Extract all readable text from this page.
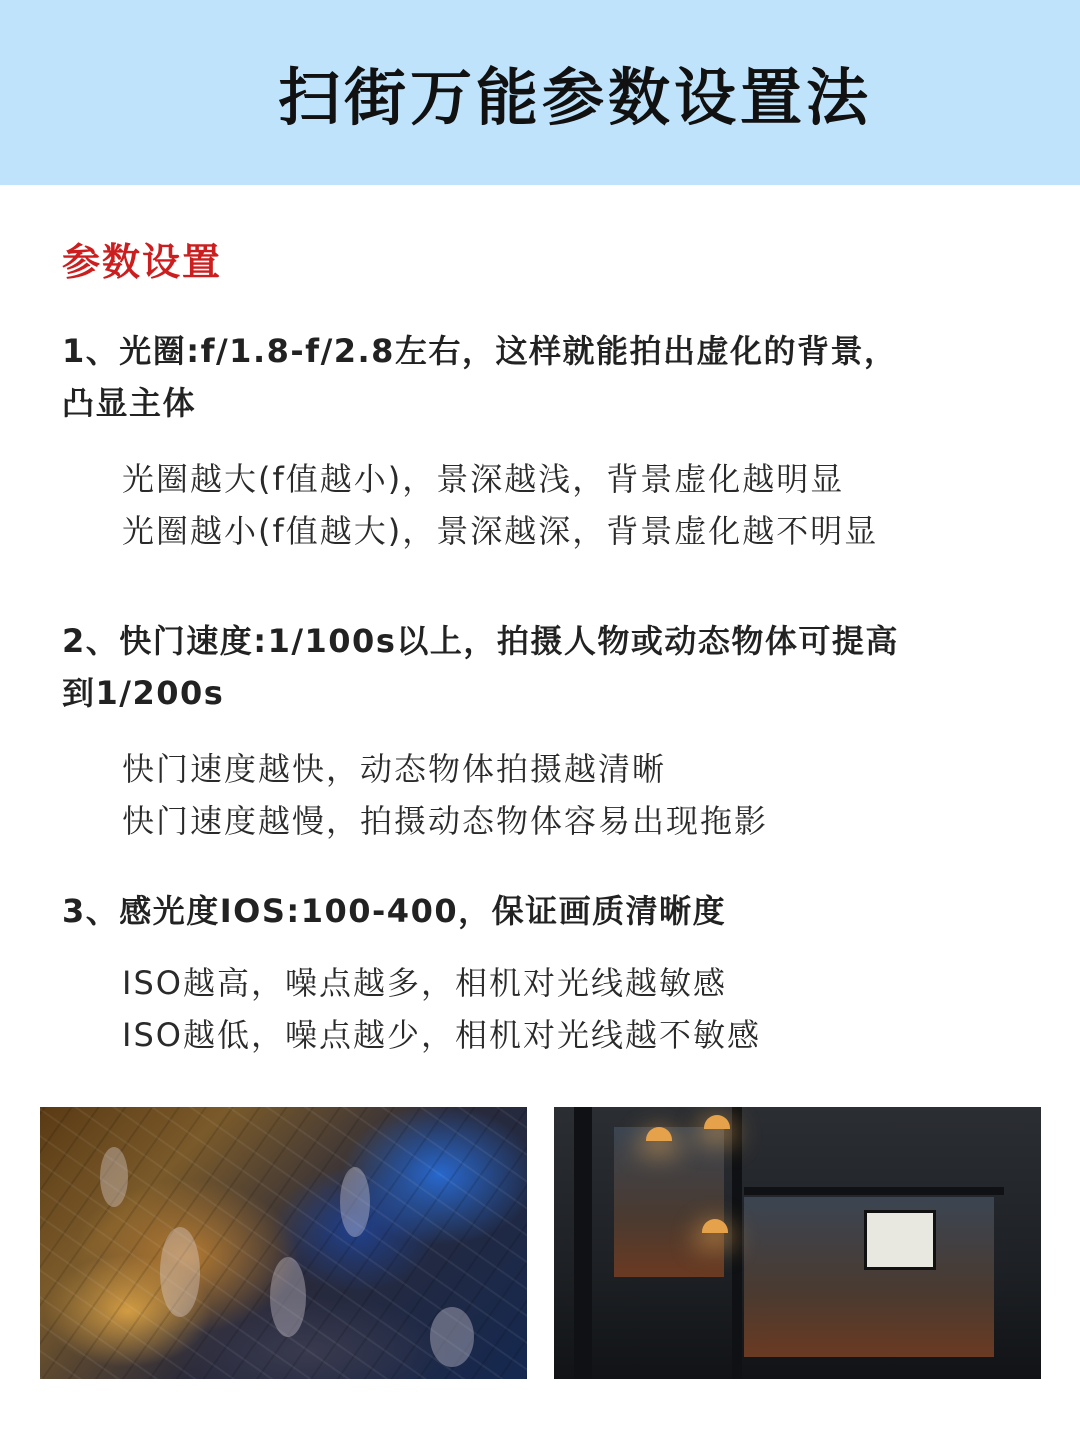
扫街万能参数设置法
参数设置
1、光圈:f/1.8-f/2.8左右，这样就能拍出虚化的背景，
凸显主体
光圈越大(f值越小)，景深越浅，背景虚化越明显
光圈越小(f值越大)，景深越深，背景虚化越不明显
2、快门速度:1/100s以上，拍摄人物或动态物体可提高
到1/200s
快门速度越快，动态物体拍摄越清晰
快门速度越慢，拍摄动态物体容易出现拖影
3、感光度IOS:100-400，保证画质清晰度
ISO越高，噪点越多，相机对光线越敏感
ISO越低，噪点越少，相机对光线越不敏感
